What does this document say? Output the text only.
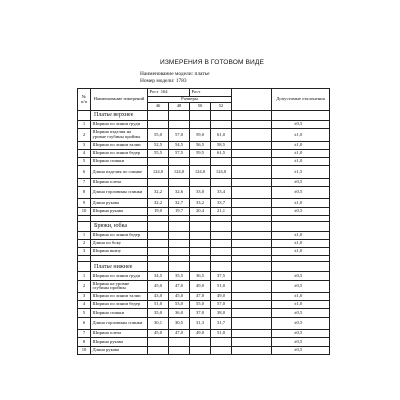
ИЗМЕРЕНИЯ В ГОТОВОМ ВИДЕ
Наименование модели: платье
Номер модели: 1783
№ п/п	Наименование измерений	Рост 164		Рост			Допустимые отклонения
		Размеры					
		46	48	50	52		
	Платье верхнее						
1	Ширина по линии груди						±0,5
2	Ширина изделия на уровне глубины проймы	55,0	57,0	59,0	61,0		±1,0
3	Ширина по линии талии	52,5	54,5	56,5	58,5		±1,0
4	Ширина по линии бедер	55,5	57,5	59,5	61,5		±1,0
5	Ширина спинки						±1,0
6	Длина изделия по спинке	124,0	124,0	124,0	124,0		±1,5
7	Ширина плеча						±0,5
8	Длина горловины спинки	32,2	32,6	33,0	33,4		±0,5
9	Длина рукава	32,2	32,7	33,2	33,7		±1,0
10	Ширина рукава	19,0	19,7	20,4	21,1		±0,5

	Брюки, юбка						
1	Ширина по линии бедер						±1,0
2	Длина по боку						±1,0
3	Ширина внизу						±1,0

	Платье нижнее						
1	Ширина по линии груди	34,5	35,5	36,5	37,5		±0,5
2	Ширина на уровне глубины проймы	45,0	47,0	49,0	51,0		±0,5
3	Ширина по линии талии	43,0	45,0	47,0	49,0		±1,0
4	Ширина по линии бедер	51,0	53,0	55,0	57,0		±1,0
5	Ширина спинки	35,0	36,0	37,0	38,0		±0,5
6	Длина горловины спинки	30,1	30,5	31,3	31,7		±0,5
7	Ширина плеча	45,0	47,0	49,0	51,0		±0,5
8	Ширина рукава						±0,5
10	Длина рукава						±0,5
